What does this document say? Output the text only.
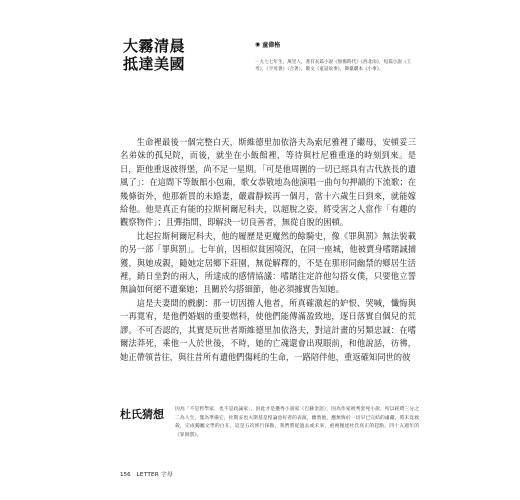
大霧清晨
抵達美國
◉ 童偉格
一九七七年生，萬里人，著有長篇小說《無傷時代》《西北雨》，短篇小說《王考》，《字母會》（合著），散文《童話故事》，舞臺劇本《小事》。

生命裡最後一個完整白天，斯維德里加依洛夫為索尼雅裡了繼母，安頓妥三名弟妹的孤兒院，而後，就坐在小飯館裡，等待與杜尼雅重逢的時刻到來。是日，距他重返彼得堡，尚不足一星期。「可是他周圍的一切已經具有古代族長的遺風了」：在這間下等飯館小包廂，歌女恭敬地為他演唱一曲句句押韻的下流歌；在幾條街外，他那新買的未婚妻，嚴肅靜候再一個月，當十六歲生日到來，就能嫁給他。他是真正有能的拉斯柯爾尼科夫，以超脫之姿，將受害之人當作「有趣的觀察物件」；且彈指間，即解決一切良善者，無從自脫的困頓。

比起拉斯柯爾尼科夫，他的履歷是更魔然的餘騎史，像《罪與罰》無法裝載的另一部「罪與罰」。七年前，因相似貧困境況，在同一座城，他被賣身嗜賭誠捕獲，與她成親，隨她定居鄉下莊園，無從解釋的，不是在那形同幽禁的鄉居生活裡，銷日坐對的兩人，所達成的感情協議：嗜賭注定許他勾搭女僕，只要他立誓無論如何絕不遺棄她；且關於勾搭細節，他必須據實告知她。

這是夫妻間的戲劇：那一切因擔人他者，所真確激起的妒恨、哭喊，懺悔與一再寬宥，是他們婚姻的重要燃料，使他們能傳滿盈致地，逐日落實自個兒的荒謬。不可否認的，其實是玩世者斯維德里加依洛夫，對這計畫的另類忠誠：在嗜爾法莽死，乘他一人於世後，不時，她的亡魂還會出現眼前，和他說話，彷彿，她正帶領昔往，與往昔所有遺他們傷耗的生命，一路陪伴他，重返確知同世的彼

杜氏猜想	因為「不是哲學家，也不是政論家」，因此才是優秀小說家（巴赫金語），因為作家被判套死小說，所以耗費三分之二為人生，僅為準備它，杜斯妥也夫斯基是惶論惡好者的表演，雖然他，應無悔於一切早已完結的肅藏，將未竟救殺，完成獨屬文學的白在，這是五次經行探勘，我們將從過去或未來，重複拋達杜氏真正的起點，四十五週年的《罪與罰》。
156 LETTER 字母
